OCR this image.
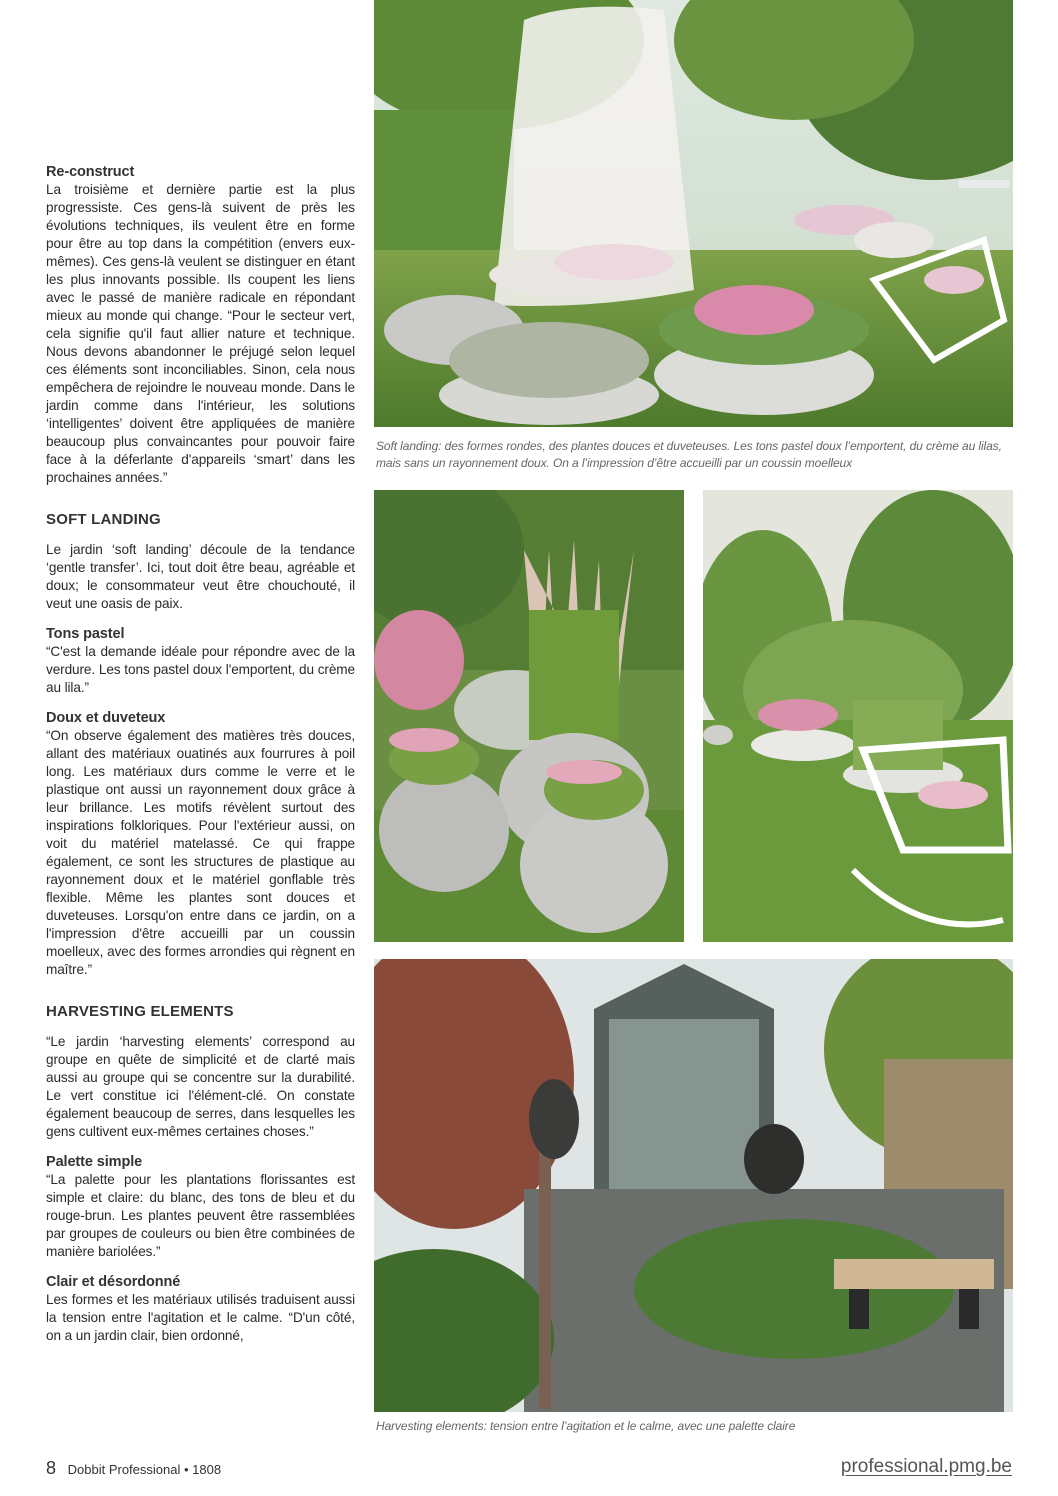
Re-construct

La troisième et dernière partie est la plus progressiste. Ces gens-là suivent de près les évolutions techniques, ils veulent être en forme pour être au top dans la compétition (envers eux-mêmes). Ces gens-là veulent se distinguer en étant les plus innovants possible. Ils coupent les liens avec le passé de manière radicale en répondant mieux au monde qui change. “Pour le secteur vert, cela signifie qu'il faut allier nature et technique. Nous devons abandonner le préjugé selon lequel ces éléments sont inconciliables. Sinon, cela nous empêchera de rejoindre le nouveau monde. Dans le jardin comme dans l'intérieur, les solutions ‘intelligentes’ doivent être appliquées de manière beaucoup plus convaincantes pour pouvoir faire face à la déferlante d'appareils ‘smart’ dans les prochaines années.”

SOFT LANDING

Le jardin ‘soft landing’ découle de la tendance ‘gentle transfer’. Ici, tout doit être beau, agréable et doux; le consommateur veut être chouchouté, il veut une oasis de paix.

Tons pastel

“C'est la demande idéale pour répondre avec de la verdure. Les tons pastel doux l'emportent, du crème au lila.”

Doux et duveteux

“On observe également des matières très douces, allant des matériaux ouatinés aux fourrures à poil long. Les matériaux durs comme le verre et le plastique ont aussi un rayonnement doux grâce à leur brillance. Les motifs révèlent surtout des inspirations folkloriques. Pour l'extérieur aussi, on voit du matériel matelassé. Ce qui frappe également, ce sont les structures de plastique au rayonnement doux et le matériel gonflable très flexible. Même les plantes sont douces et duveteuses. Lorsqu'on entre dans ce jardin, on a l'impression d'être accueilli par un coussin moelleux, avec des formes arrondies qui règnent en maître.”

HARVESTING ELEMENTS

“Le jardin ‘harvesting elements’ correspond au groupe en quête de simplicité et de clarté mais aussi au groupe qui se concentre sur la durabilité. Le vert constitue ici l'élément-clé. On constate également beaucoup de serres, dans lesquelles les gens cultivent eux-mêmes certaines choses.”

Palette simple

“La palette pour les plantations florissantes est simple et claire: du blanc, des tons de bleu et du rouge-brun. Les plantes peuvent être rassemblées par groupes de couleurs ou bien être combinées de manière bariolées.”

Clair et désordonné

Les formes et les matériaux utilisés traduisent aussi la tension entre l'agitation et le calme. “D'un côté, on a un jardin clair, bien ordonné,

Soft landing: des formes rondes, des plantes douces et duveteuses. Les tons pastel doux l’emportent, du crème au lilas, mais sans un rayonnement doux. On a l’impression d’être accueilli par un coussin moelleux
Harvesting elements: tension entre l’agitation et le calme, avec une palette claire
8 Dobbit Professional • 1808	professional.pmg.be
